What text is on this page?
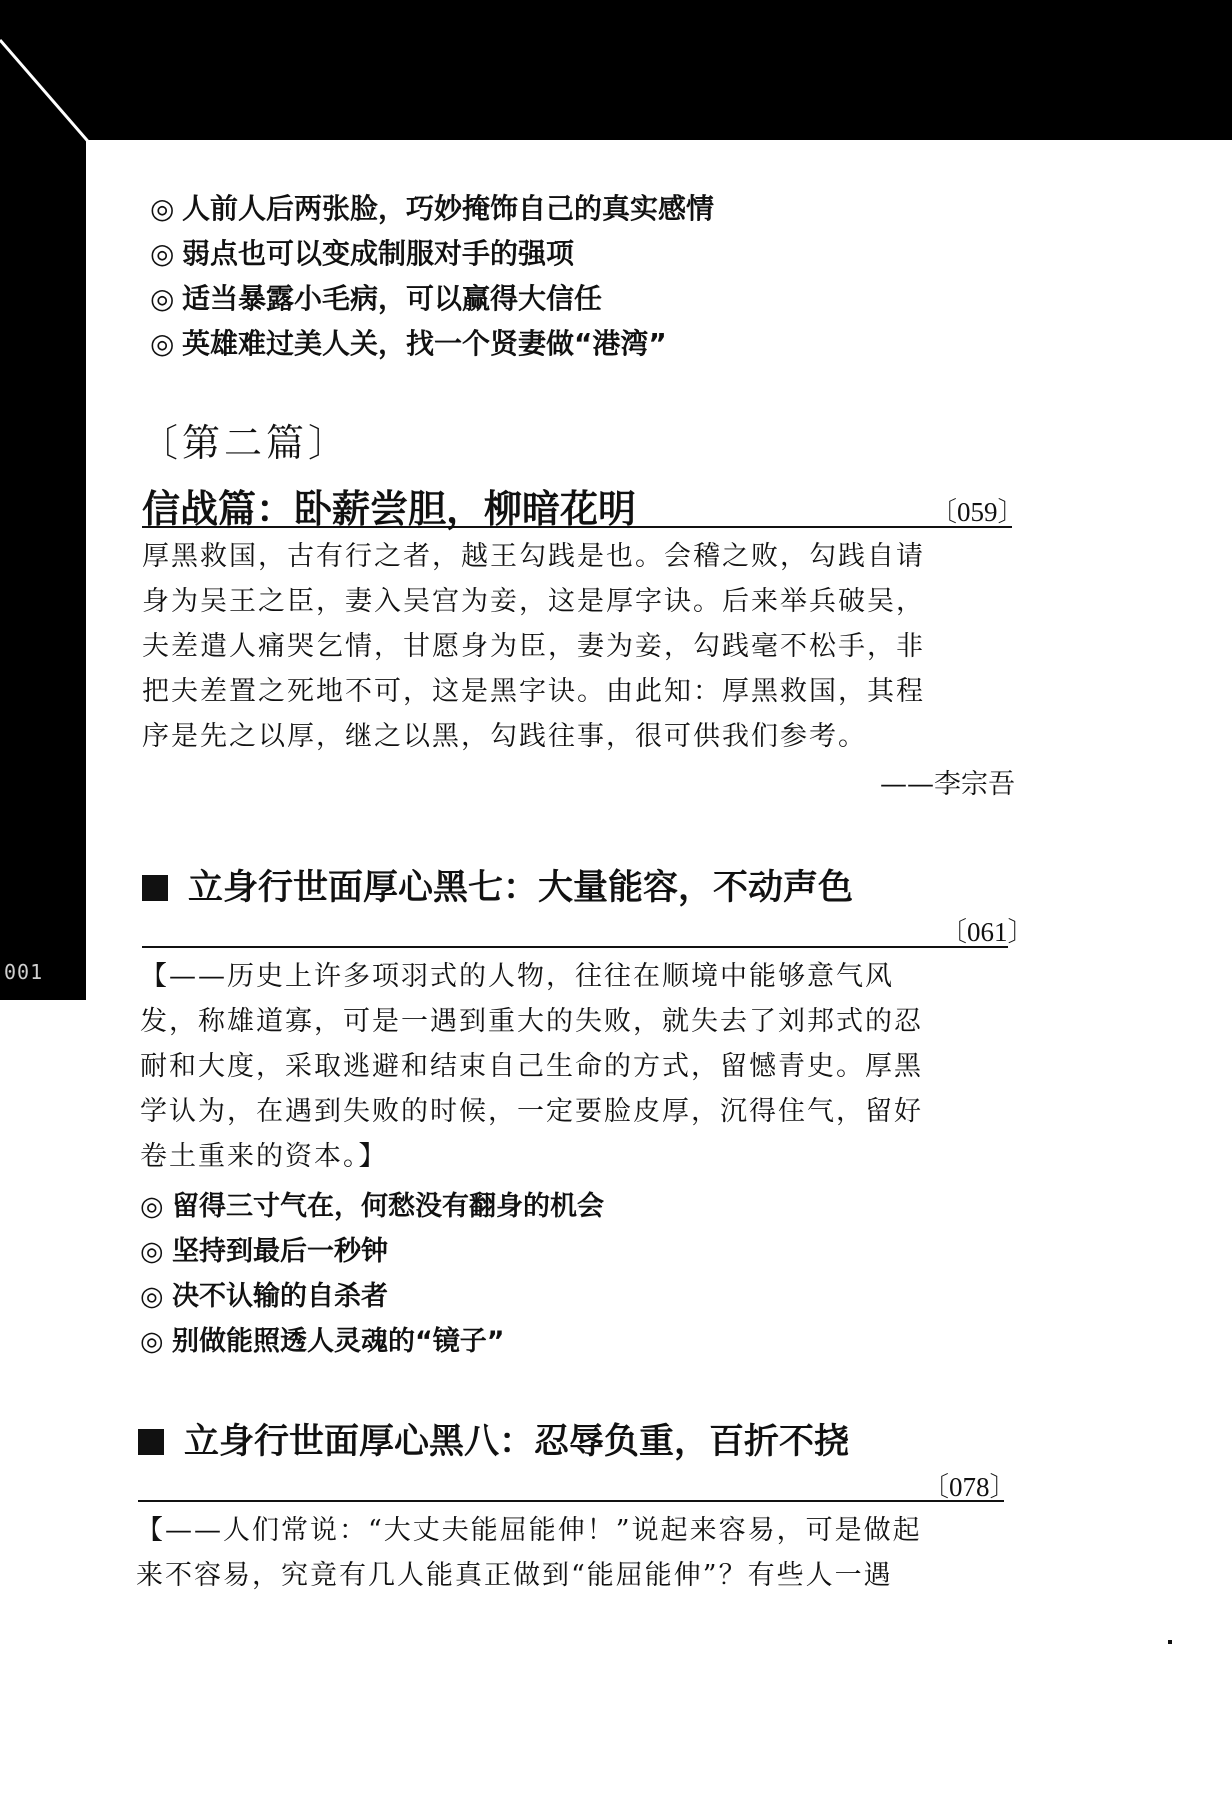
001
◎ 人前人后两张脸，巧妙掩饰自己的真实感情
◎ 弱点也可以变成制服对手的强项
◎ 适当暴露小毛病，可以赢得大信任
◎ 英雄难过美人关，找一个贤妻做“港湾”
〔第二篇〕
信战篇：卧薪尝胆，柳暗花明	〔059〕
厚黑救国，古有行之者，越王勾践是也。会稽之败，勾践自请
身为吴王之臣，妻入吴宫为妾，这是厚字诀。后来举兵破吴，
夫差遣人痛哭乞情，甘愿身为臣，妻为妾，勾践毫不松手，非
把夫差置之死地不可，这是黑字诀。由此知：厚黑救国，其程
序是先之以厚，继之以黑，勾践往事，很可供我们参考。
——李宗吾
立身行世面厚心黑七：大量能容，不动声色
〔061〕
【——历史上许多项羽式的人物，往往在顺境中能够意气风
发，称雄道寡，可是一遇到重大的失败，就失去了刘邦式的忍
耐和大度，采取逃避和结束自己生命的方式，留憾青史。厚黑
学认为，在遇到失败的时候，一定要脸皮厚，沉得住气，留好
卷土重来的资本。】
◎ 留得三寸气在，何愁没有翻身的机会
◎ 坚持到最后一秒钟
◎ 决不认输的自杀者
◎ 别做能照透人灵魂的“镜子”
立身行世面厚心黑八：忍辱负重，百折不挠
〔078〕
【——人们常说：“大丈夫能屈能伸！”说起来容易，可是做起
来不容易，究竟有几人能真正做到“能屈能伸”？有些人一遇
